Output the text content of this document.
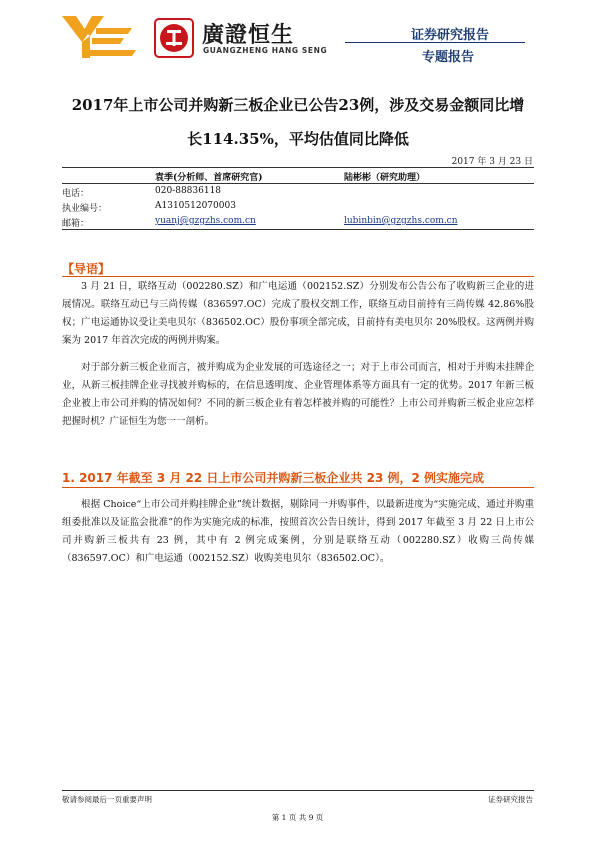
廣證恒生
GUANGZHENG HANG SENG
证券研究报告
专题报告
2017年上市公司并购新三板企业已公告23例，涉及交易金额同比增
长114.35%，平均估值同比降低
2017 年 3 月 23 日
袁季(分析师、首席研究官)	陆彬彬（研究助理）
电话：	020-88836118
执业编号：	A1310512070003
邮箱：	yuanj@gzgzhs.com.cn	lubinbin@gzgzhs.com.cn
【导语】

3 月 21 日，联络互动（002280.SZ）和广电运通（002152.SZ）分别发布公告公布了收购新三企业的进展情况。联络互动已与三尚传媒（836597.OC）完成了股权交割工作，联络互动目前持有三尚传媒 42.86%股权；广电运通协议受让美电贝尔（836502.OC）股份事项全部完成，目前持有美电贝尔 20%股权。这两例并购案为 2017 年首次完成的两例并购案。

对于部分新三板企业而言，被并购成为企业发展的可选途径之一；对于上市公司而言，相对于并购未挂牌企业，从新三板挂牌企业寻找被并购标的，在信息透明度、企业管理体系等方面具有一定的优势。2017 年新三板企业被上市公司并购的情况如何？不同的新三板企业有着怎样被并购的可能性？上市公司并购新三板企业应怎样把握时机？广证恒生为您一一剖析。

1. 2017 年截至 3 月 22 日上市公司并购新三板企业共 23 例，2 例实施完成

根据 Choice“上市公司并购挂牌企业”统计数据，剔除同一并购事件，以最新进度为“实施完成、通过并购重组委批准以及证监会批准”的作为实施完成的标准，按照首次公告日统计，得到 2017 年截至 3 月 22 日上市公司并购新三板共有 23 例，其中有 2 例完成案例，分别是联络互动（002280.SZ）收购三尚传媒（836597.OC）和广电运通（002152.SZ）收购美电贝尔（836502.OC）。

敬请参阅最后一页重要声明	证券研究报告
第 1 页 共 9 页
